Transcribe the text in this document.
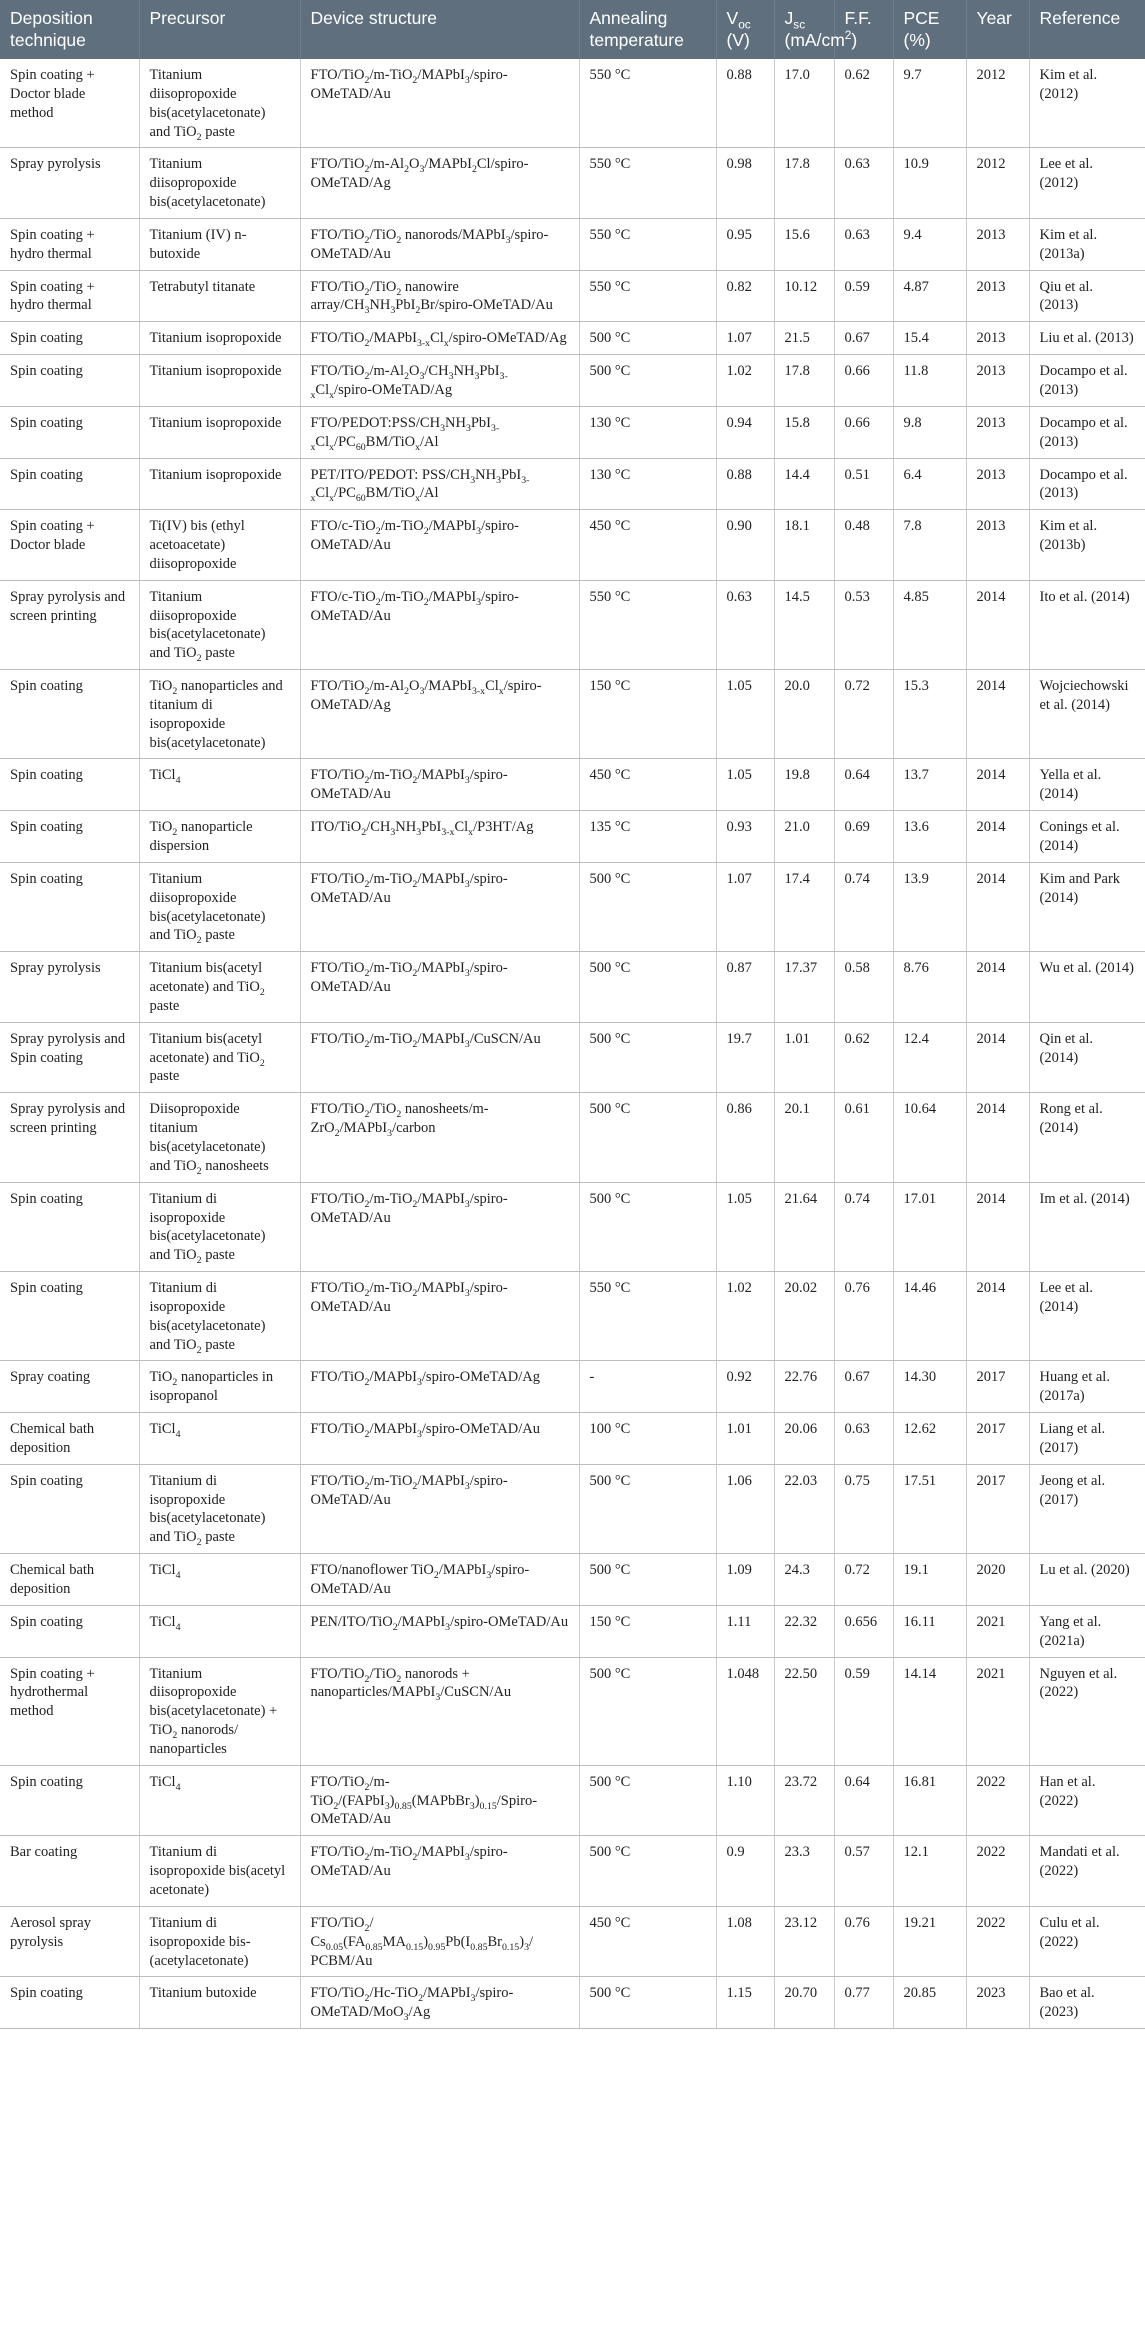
Deposition technique	Precursor	Device structure	Annealing temperature	$V_{oc}$ (V)	$J_{sc}$ $(mA/cm^2)$	F.F.	PCE (%)	Year	Reference
Spin coating + Doctor blade method	Titanium diisopropoxide bis(acetylacetonate) and TiO$_2$ paste	FTO/TiO$_2$/m-TiO$_2$/MAPbI$_3$/spiro-OMeTAD/Au	550 °C	0.88	17.0	0.62	9.7	2012	Kim et al. (2012)
Spray pyrolysis	Titanium diisopropoxide bis(acetylacetonate)	FTO/$TiO_2/m-Al_2O_3/MAPbI_2Cl/spiro-OMeTAD/Ag$	550 °C	0.98	17.8	0.63	10.9	2012	Lee et al. (2012)
Spin coating + hydro thermal	Titanium (IV) n-butoxide	FTO/TiO$_2$/TiO$_2$ nanorods/MAPbI$_3$/spiro-OMeTAD/Au	550 °C	0.95	15.6	0.63	9.4	2013	Kim et al. (2013a)
Spin coating + hydro thermal	Tetrabutyl titanate	FTO/TiO$_2$/TiO$_2$ nanowire array/$CH_3NH_3PbI_2Br/spiro-OMeTAD/Au$	550 °C	0.82	10.12	0.59	4.87	2013	Qiu et al. (2013)
Spin coating	Titanium isopropoxide	FTO/$TiO_2/MAPbI_{3-x}Cl_x/spiro-OMeTAD/Ag$	500 °C	1.07	21.5	0.67	15.4	2013	Liu et al. (2013)
Spin coating	Titanium isopropoxide	FTO/$TiO_2/m-Al_2O_3/CH_3NH_3PbI_{3-x}Cl_x/spiro-OMeTAD/Ag$	500 °C	1.02	17.8	0.66	11.8	2013	Docampo et al. (2013)
Spin coating	Titanium isopropoxide	FTO/$PEDOT:PSS/CH_3NH_3PbI_{3-x}Cl_x/PC_{60}BM/TiO_x/Al$	130 °C	0.94	15.8	0.66	9.8	2013	Docampo et al. (2013)
Spin coating	Titanium isopropoxide	PET/ITO/PEDOT: PSS/$CH_3NH_3PbI_{3-x}Cl_x/PC_{60}BM/TiO_x/Al$	130 °C	0.88	14.4	0.51	6.4	2013	Docampo et al. (2013)
Spin coating + Doctor blade	Ti(IV) bis (ethyl acetoacetate) diisopropoxide	FTO/c-TiO$_2$/m-TiO$_2$/MAPbI$_3$/spiro-OMeTAD/Au	450 °C	0.90	18.1	0.48	7.8	2013	Kim et al. (2013b)
Spray pyrolysis and screen printing	Titanium diisopropoxide bis(acetylacetonate) and TiO$_2$ paste	FTO/c-TiO$_2$/m-TiO$_2$/MAPbI$_3$/spiro-OMeTAD/Au	550 °C	0.63	14.5	0.53	4.85	2014	Ito et al. (2014)
Spin coating	TiO$_2$ nanoparticles and titanium di isopropoxide bis(acetylacetonate)	FTO/$TiO_2/m-Al_2O_3/MAPbI_{3-x}Cl_x/spiro-OMeTAD/Ag$	150 °C	1.05	20.0	0.72	15.3	2014	Wojciechowski et al. (2014)
Spin coating	TiCl$_4$	FTO/TiO$_2$/m-TiO$_2$/MAPbI$_3$/spiro-OMeTAD/Au	450 °C	1.05	19.8	0.64	13.7	2014	Yella et al. (2014)
Spin coating	TiO$_2$ nanoparticle dispersion	ITO/$TiO_2/CH_3NH_3PbI_{3-x}Cl_x/P3HT/Ag$	135 °C	0.93	21.0	0.69	13.6	2014	Conings et al. (2014)
Spin coating	Titanium diisopropoxide bis(acetylacetonate) and TiO$_2$ paste	FTO/TiO$_2$/m-TiO$_2$/MAPbI$_3$/spiro-OMeTAD/Au	500 °C	1.07	17.4	0.74	13.9	2014	Kim and Park (2014)
Spray pyrolysis	Titanium bis(acetyl acetonate) and TiO$_2$ paste	FTO/TiO$_2$/m-TiO$_2$/MAPbI$_3$/spiro-OMeTAD/Au	500 °C	0.87	17.37	0.58	8.76	2014	Wu et al. (2014)
Spray pyrolysis and Spin coating	Titanium bis(acetyl acetonate) and TiO$_2$ paste	FTO/TiO$_2$/m-TiO$_2$/MAPbI$_3$/CuSCN/Au	500 °C	19.7	1.01	0.62	12.4	2014	Qin et al. (2014)
Spray pyrolysis and screen printing	Diisopropoxide titanium bis(acetylacetonate) and TiO$_2$ nanosheets	FTO/TiO$_2$/TiO$_2$ nanosheets/m-ZrO$_2$/MAPbI$_3$/carbon	500 °C	0.86	20.1	0.61	10.64	2014	Rong et al. (2014)
Spin coating	Titanium di isopropoxide bis(acetylacetonate) and TiO$_2$ paste	FTO/TiO$_2$/m-TiO$_2$/MAPbI$_3$/spiro-OMeTAD/Au	500 °C	1.05	21.64	0.74	17.01	2014	Im et al. (2014)
Spin coating	Titanium di isopropoxide bis(acetylacetonate) and TiO$_2$ paste	FTO/TiO$_2$/m-TiO$_2$/MAPbI$_3$/spiro-OMeTAD/Au	550 °C	1.02	20.02	0.76	14.46	2014	Lee et al. (2014)
Spray coating	TiO$_2$ nanoparticles in isopropanol	FTO/TiO$_2$/MAPbI$_3$/spiro-OMeTAD/Ag	-	0.92	22.76	0.67	14.30	2017	Huang et al. (2017a)
Chemical bath deposition	TiCl$_4$	FTO/TiO$_2$/MAPbI$_3$/spiro-OMeTAD/Au	100 °C	1.01	20.06	0.63	12.62	2017	Liang et al. (2017)
Spin coating	Titanium di isopropoxide bis(acetylacetonate) and TiO$_2$ paste	FTO/TiO$_2$/m-TiO$_2$/MAPbI$_3$/spiro-OMeTAD/Au	500 °C	1.06	22.03	0.75	17.51	2017	Jeong et al. (2017)
Chemical bath deposition	TiCl$_4$	FTO/nanoflower TiO$_2$/MAPbI$_3$/spiro-OMeTAD/Au	500 °C	1.09	24.3	0.72	19.1	2020	Lu et al. (2020)
Spin coating	TiCl$_4$	PEN/ITO/TiO$_2$/MAPbI$_3$/spiro-OMeTAD/Au	150 °C	1.11	22.32	0.656	16.11	2021	Yang et al. (2021a)
Spin coating + hydrothermal method	Titanium diisopropoxide bis(acetylacetonate) + TiO$_2$ nanorods/ nanoparticles	FTO/TiO$_2$/TiO$_2$ nanorods + nanoparticles/MAPbI$_3$/CuSCN/Au	500 °C	1.048	22.50	0.59	14.14	2021	Nguyen et al. (2022)
Spin coating	TiCl$_4$	FTO/$TiO_2/m-TiO_2/(FAPbI_3)_{0.85}(MAPbBr_3)_{0.15}/Spiro-OMeTAD/Au$	500 °C	1.10	23.72	0.64	16.81	2022	Han et al. (2022)
Bar coating	Titanium di isopropoxide bis(acetyl acetonate)	FTO/TiO$_2$/m-TiO$_2$/MAPbI$_3$/spiro-OMeTAD/Au	500 °C	0.9	23.3	0.57	12.1	2022	Mandati et al. (2022)
Aerosol spray pyrolysis	Titanium di isopropoxide bis-(acetylacetonate)	FTO/TiO$_2$/ $Cs_{0.05}(FA_{0.85}MA_{0.15})_{0.95}Pb(I_{0.85}Br_{0.15})_3/$ PCBM/Au	450 °C	1.08	23.12	0.76	19.21	2022	Culu et al. (2022)
Spin coating	Titanium butoxide	FTO/TiO$_2$/Hc-TiO$_2$/MAPbI$_3$/spiro-OMeTAD/MoO$_3$/Ag	500 °C	1.15	20.70	0.77	20.85	2023	Bao et al. (2023)
